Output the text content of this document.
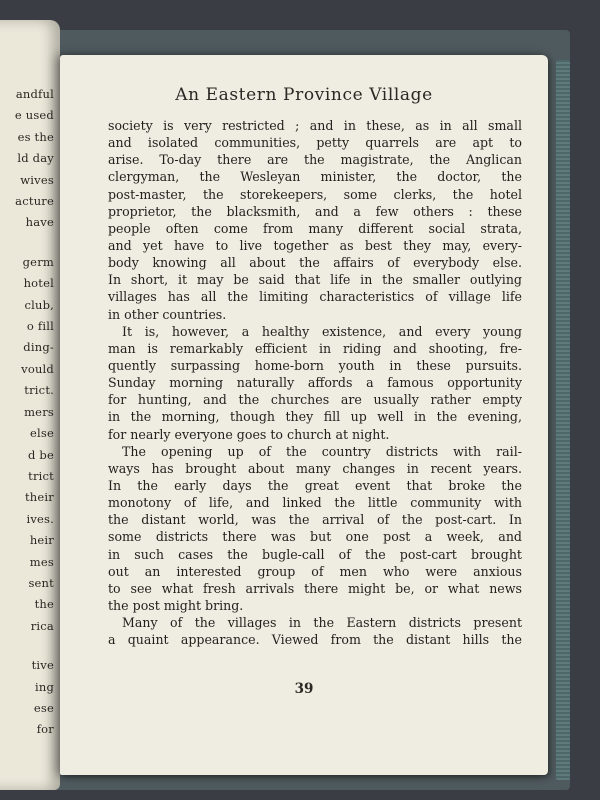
andful
e used
es the
ld day
wives
acture
have
germ
hotel
club,
o fill
ding-
vould
trict.
mers
else
d be
trict
their
ives.
heir
mes
sent
the
rica
tive
ing
ese
for
An Eastern Province Village
society is very restricted ; and in these, as in all small
and isolated communities, petty quarrels are apt to
arise. To-day there are the magistrate, the Anglican
clergyman, the Wesleyan minister, the doctor, the
post-master, the storekeepers, some clerks, the hotel
proprietor, the blacksmith, and a few others : these
people often come from many different social strata,
and yet have to live together as best they may, every-
body knowing all about the affairs of everybody else.
In short, it may be said that life in the smaller outlying
villages has all the limiting characteristics of village life
in other countries.
It is, however, a healthy existence, and every young
man is remarkably efficient in riding and shooting, fre-
quently surpassing home-born youth in these pursuits.
Sunday morning naturally affords a famous opportunity
for hunting, and the churches are usually rather empty
in the morning, though they fill up well in the evening,
for nearly everyone goes to church at night.
The opening up of the country districts with rail-
ways has brought about many changes in recent years.
In the early days the great event that broke the
monotony of life, and linked the little community with
the distant world, was the arrival of the post-cart. In
some districts there was but one post a week, and
in such cases the bugle-call of the post-cart brought
out an interested group of men who were anxious
to see what fresh arrivals there might be, or what news
the post might bring.
Many of the villages in the Eastern districts present
a quaint appearance. Viewed from the distant hills the
39
